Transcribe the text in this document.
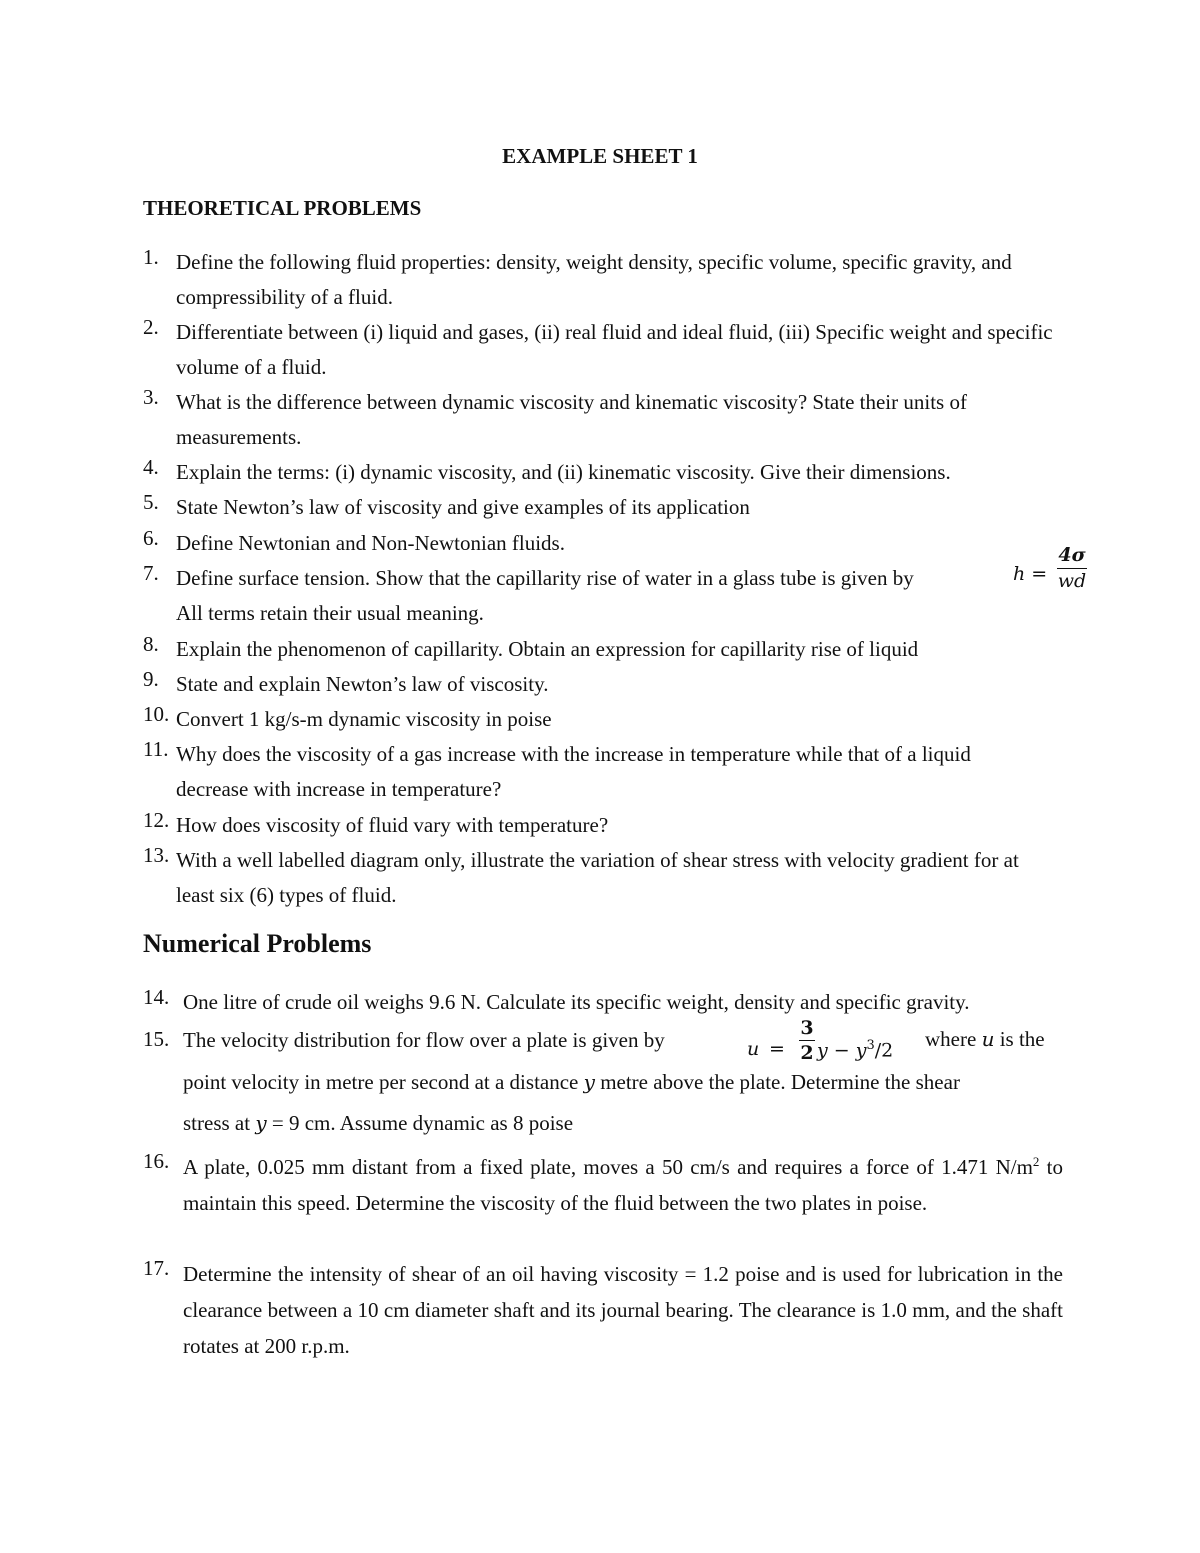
EXAMPLE SHEET 1
THEORETICAL PROBLEMS
1. Define the following fluid properties: density, weight density, specific volume, specific gravity, and compressibility of a fluid.
2. Differentiate between (i) liquid and gases, (ii) real fluid and ideal fluid, (iii) Specific weight and specific volume of a fluid.
3. What is the difference between dynamic viscosity and kinematic viscosity? State their units of measurements.
4. Explain the terms: (i) dynamic viscosity, and (ii) kinematic viscosity. Give their dimensions.
5. State Newton’s law of viscosity and give examples of its application
6. Define Newtonian and Non-Newtonian fluids.
7. Define surface tension. Show that the capillarity rise of water in a glass tube is given by
All terms retain their usual meaning.
$h = \frac{4\sigma}{wd}$
8. Explain the phenomenon of capillarity. Obtain an expression for capillarity rise of liquid
9. State and explain Newton’s law of viscosity.
10. Convert 1 kg/s-m dynamic viscosity in poise
11. Why does the viscosity of a gas increase with the increase in temperature while that of a liquid decrease with increase in temperature?
12. How does viscosity of fluid vary with temperature?
13. With a well labelled diagram only, illustrate the variation of shear stress with velocity gradient for at least six (6) types of fluid.
Numerical Problems
14. One litre of crude oil weighs 9.6 N. Calculate its specific weight, density and specific gravity.
15. The velocity distribution for flow over a plate is given by	$u = \frac{3}{2}$ $y - y^3/2$ where u is the
point velocity in metre per second at a distance y metre above the plate. Determine the shear
stress at y = 9 cm. Assume dynamic as 8 poise
16. A plate, 0.025 mm distant from a fixed plate, moves a 50 cm/s and requires a force of 1.471 $N/m^2$ to maintain this speed. Determine the viscosity of the fluid between the two plates in poise.
17. Determine the intensity of shear of an oil having viscosity = 1.2 poise and is used for lubrication in the clearance between a 10 cm diameter shaft and its journal bearing. The clearance is 1.0 mm, and the shaft rotates at 200 r.p.m.
